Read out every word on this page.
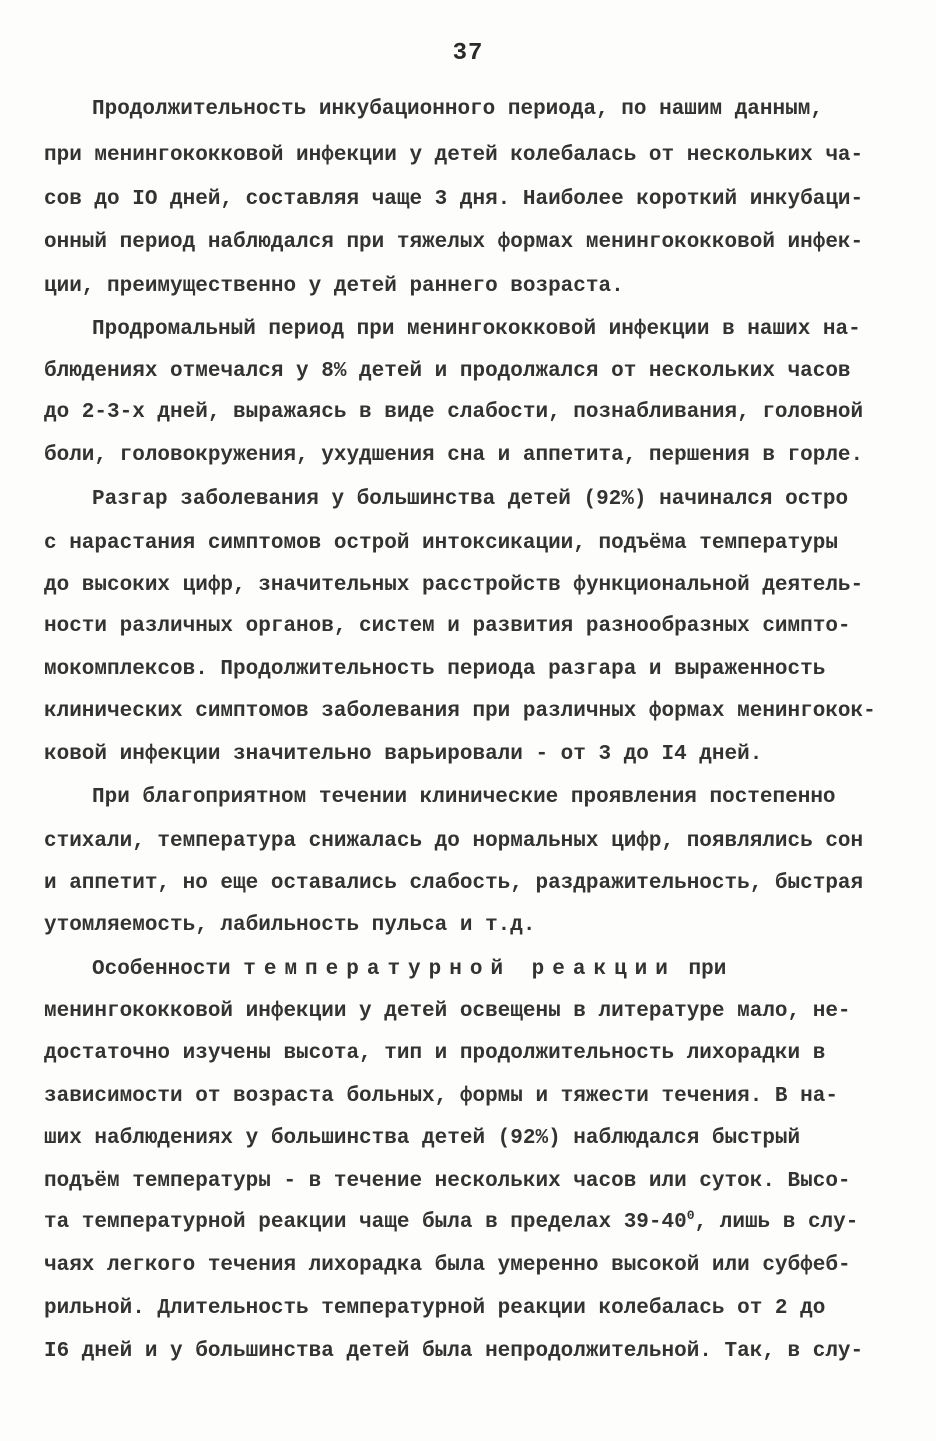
37
Продолжительность инкубационного периода, по нашим данным,
при менингококковой инфекции у детей колебалась от нескольких ча-
сов до IO дней, составляя чаще 3 дня. Наиболее короткий инкубаци-
онный период наблюдался при тяжелых формах менингококковой инфек-
ции, преимущественно у детей раннего возраста.
Продромальный период при менингококковой инфекции в наших на-
блюдениях отмечался у 8% детей и продолжался от нескольких часов
до 2-3-х дней, выражаясь в виде слабости, познабливания, головной
боли, головокружения, ухудшения сна и аппетита, першения в горле.
Разгар заболевания у большинства детей (92%) начинался остро
с нарастания симптомов острой интоксикации, подъёма температуры
до высоких цифр, значительных расстройств функциональной деятель-
ности различных органов, систем и развития разнообразных симпто-
мокомплексов. Продолжительность периода разгара и выраженность
клинических симптомов заболевания при различных формах менингокок-
ковой инфекции значительно варьировали - от 3 до I4 дней.
При благоприятном течении клинические проявления постепенно
стихали, температура снижалась до нормальных цифр, появлялись сон
и аппетит, но еще оставались слабость, раздражительность, быстрая
утомляемость, лабильность пульса и т.д.
Особенности температурной реакции при
менингококковой инфекции у детей освещены в литературе мало, не-
достаточно изучены высота, тип и продолжительность лихорадки в
зависимости от возраста больных, формы и тяжести течения. В на-
ших наблюдениях у большинства детей (92%) наблюдался быстрый
подъём температуры - в течение нескольких часов или суток. Высо-
та температурной реакции чаще была в пределах $39-40^0$, лишь в слу-
чаях легкого течения лихорадка была умеренно высокой или субфеб-
рильной. Длительность температурной реакции колебалась от 2 до
I6 дней и у большинства детей была непродолжительной. Так, в слу-
